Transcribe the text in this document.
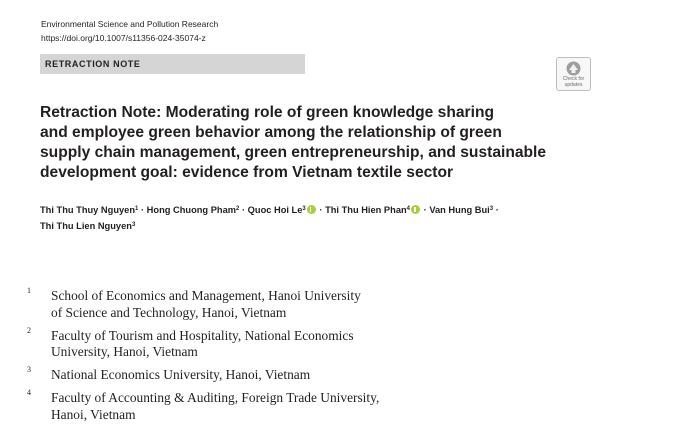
Environmental Science and Pollution Research
https://doi.org/10.1007/s11356-024-35074-z
RETRACTION NOTE
Check for
updates
Retraction Note: Moderating role of green knowledge sharing
and employee green behavior among the relationship of green
supply chain management, green entrepreneurship, and sustainable
development goal: evidence from Vietnam textile sector
Thi Thu Thuy Nguyen$^1$ · Hong Chuong Pham$^2$ · Quoc Hoi $Le^3$ · Thi Thu Hien Phan$^4$ · Van Hung Bui$^3$ ·
Thi Thu Lien Nguyen$^3$
1 School of Economics and Management, Hanoi University
of Science and Technology, Hanoi, Vietnam
2 Faculty of Tourism and Hospitality, National Economics
University, Hanoi, Vietnam
3 National Economics University, Hanoi, Vietnam
4 Faculty of Accounting & Auditing, Foreign Trade University,
Hanoi, Vietnam
